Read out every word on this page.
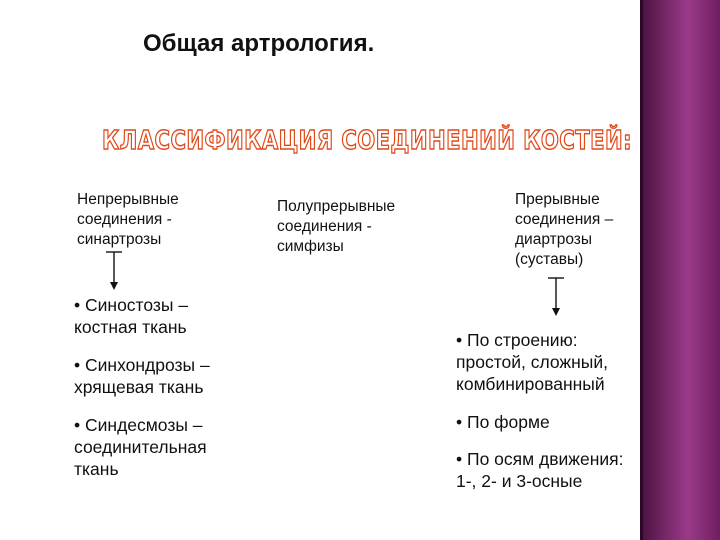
Общая артрология.
КЛАССИФИКАЦИЯ СОЕДИНЕНИЙ КОСТЕЙ:
Непрерывные
соединения -
синартрозы
Полупрерывные
соединения -
симфизы
Прерывные
соединения –
диартрозы
(суставы)
• Синостозы –
костная ткань
• Синхондрозы –
хрящевая ткань
• Синдесмозы –
соединительная
ткань
• По строению:
простой, сложный,
комбинированный
• По форме
• По осям движения:
1-, 2- и 3-осные
